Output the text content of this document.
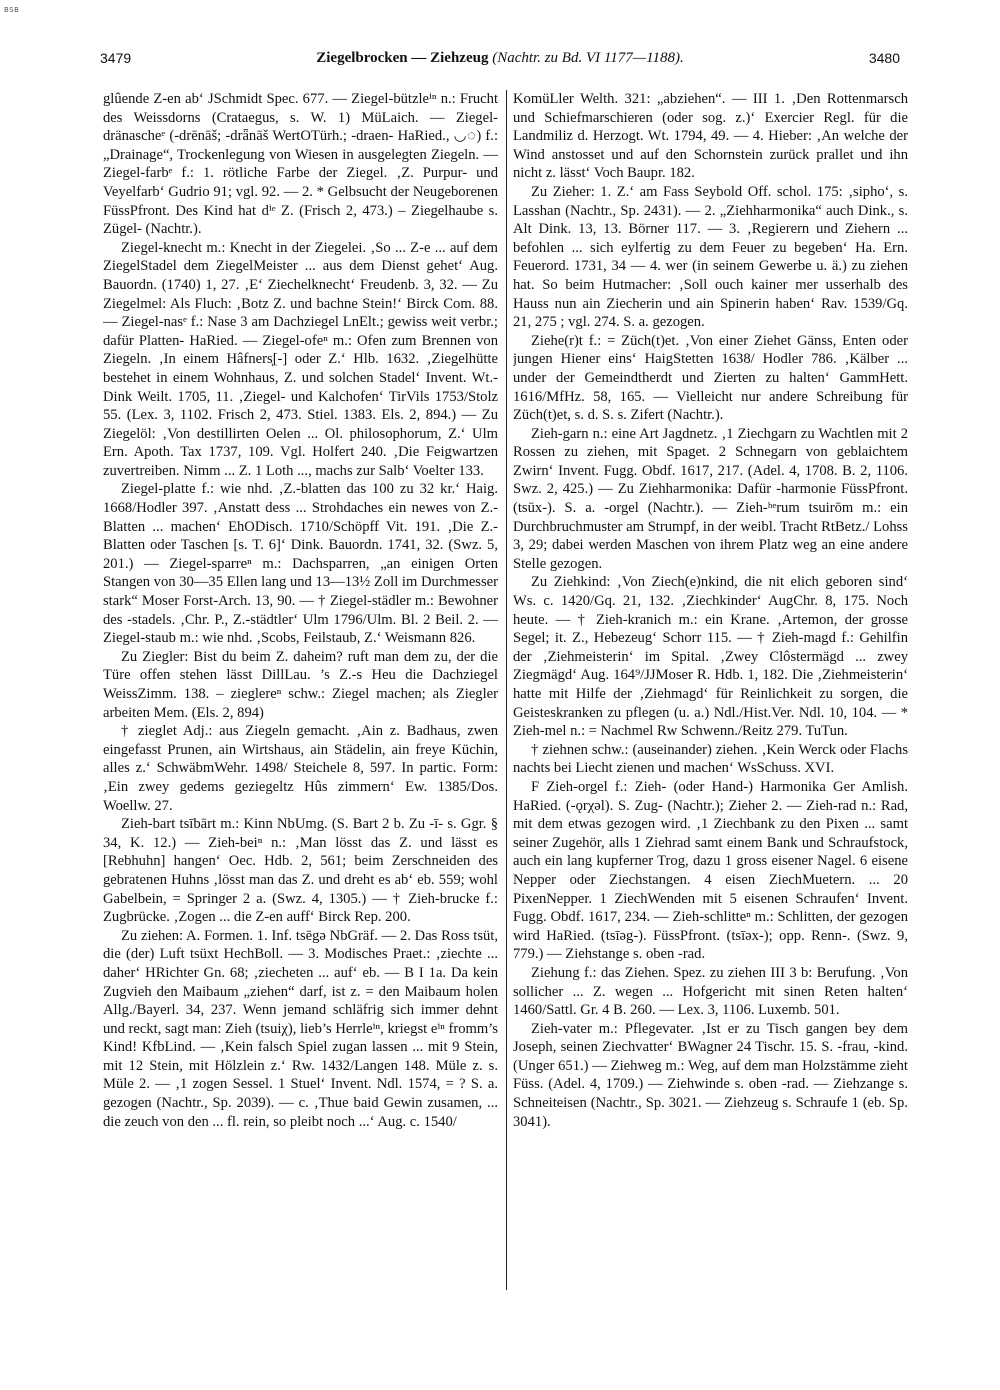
BSB
3479	Ziegelbrocken — Ziehzeug (Nachtr. zu Bd. VI 1177—1188).	3480

glûende Z-en ab‘ JSchmidt Spec. 677. — Ziegel-bützleⁱⁿ n.: Frucht des Weissdorns (Crataegus, s. W. 1) MüLaich. — Ziegel-dränascheᵉ (-drēnāš; -drǟnāš WertOTürh.; -draen- HaRied., ◡◌) f.: „Drainage“, Trockenlegung von Wiesen in ausgelegten Ziegeln. — Ziegel-farbᵉ f.: 1. rötliche Farbe der Ziegel. ‚Z. Purpur- und Veyelfarb‘ Gudrio 91; vgl. 92. — 2. * Gelbsucht der Neugeborenen FüssPfront. Des Kind hat dⁱᵉ Z. (Frisch 2, 473.) – Ziegelhaube s. Zügel- (Nachtr.).

Ziegel-knecht m.: Knecht in der Ziegelei. ‚So ... Z-e ... auf dem ZiegelStadel dem ZiegelMeister ... aus dem Dienst gehet‘ Aug. Bauordn. (1740) 1, 27. ‚E‘ Ziechelknecht‘ Freudenb. 3, 32. — Zu Ziegelmel: Als Fluch: ‚Botz Z. und bachne Stein!‘ Birck Com. 88. — Ziegel-nasᵉ f.: Nase 3 am Dachziegel LnElt.; gewiss weit verbr.; dafür Platten- HaRied. — Ziegel-ofeⁿ m.: Ofen zum Brennen von Ziegeln. ‚In einem Hâfnersͅ[-] oder Z.‘ Hlb. 1632. ‚Ziegelhütte bestehet in einem Wohnhaus, Z. und solchen Stadel‘ Invent. Wt.-Dink Weilt. 1705, 11. ‚Ziegel- und Kalchofen‘ TirVils 1753/Stolz 55. (Lex. 3, 1102. Frisch 2, 473. Stiel. 1383. Els. 2, 894.) — Zu Ziegelöl: ‚Von destillirten Oelen ... Ol. philosophorum, Z.‘ Ulm Ern. Apoth. Tax 1737, 109. Vgl. Holfert 240. ‚Die Feigwartzen zuvertreiben. Nimm ... Z. 1 Loth ..., machs zur Salb‘ Voelter 133.

Ziegel-platte f.: wie nhd. ‚Z.-blatten das 100 zu 32 kr.‘ Haig. 1668/Hodler 397. ‚Anstatt dess ... Strohdaches ein newes von Z.-Blatten ... machen‘ EhODisch. 1710/Schöpff Vit. 191. ‚Die Z.-Blatten oder Taschen [s. T. 6]‘ Dink. Bauordn. 1741, 32. (Swz. 5, 201.) — Ziegel-sparreⁿ m.: Dachsparren, „an einigen Orten Stangen von 30—35 Ellen lang und 13—13½ Zoll im Durchmesser stark“ Moser Forst-Arch. 13, 90. — † Ziegel-städler m.: Bewohner des -stadels. ‚Chr. P., Z.-städtler‘ Ulm 1796/Ulm. Bl. 2 Beil. 2. — Ziegel-staub m.: wie nhd. ‚Scobs, Feilstaub, Z.‘ Weismann 826.

Zu Ziegler: Bist du beim Z. daheim? ruft man dem zu, der die Türe offen stehen lässt DillLau. ’s Z.-s Heu die Dachziegel WeissZimm. 138. – zieglereⁿ schw.: Ziegel machen; als Ziegler arbeiten Mem. (Els. 2, 894)

† zieglet Adj.: aus Ziegeln gemacht. ‚Ain z. Badhaus, zwen eingefasst Prunen, ain Wirtshaus, ain Städelin, ain freye Küchin, alles z.‘ SchwäbmWehr. 1498/ Steichele 8, 597. In partic. Form: ‚Ein zwey gedems geziegeltz Hûs zimmern‘ Ew. 1385/Dos. Woellw. 27.

Zieh-bart tsībārt m.: Kinn NbUmg. (S. Bart 2 b. Zu -ī- s. Ggr. § 34, K. 12.) — Zieh-beiⁿ n.: ‚Man lösst das Z. und lässt es [Rebhuhn] hangen‘ Oec. Hdb. 2, 561; beim Zerschneiden des gebratenen Huhns ‚lösst man das Z. und dreht es ab‘ eb. 559; wohl Gabelbein, = Springer 2 a. (Swz. 4, 1305.) — † Zieh-brucke f.: Zugbrücke. ‚Zogen ... die Z-en auff‘ Birck Rep. 200.

Zu ziehen: A. Formen. 1. Inf. tsēgə NbGräf. — 2. Das Ross tsüt, die (der) Luft tsüxt HechBoll. — 3. Modisches Praet.: ‚ziechte ... daher‘ HRichter Gn. 68; ‚ziecheten ... auf‘ eb. — B I 1a. Da kein Zugvieh den Maibaum „ziehen“ darf, ist z. = den Maibaum holen Allg./Bayerl. 34, 237. Wenn jemand schläfrig sich immer dehnt und reckt, sagt man: Zieh (tsuiχ), lieb’s Herrleⁱⁿ, kriegst eⁱⁿ fromm’s Kind! KfbLind. — ‚Kein falsch Spiel zugan lassen ... mit 9 Stein, mit 12 Stein, mit Hölzlein z.‘ Rw. 1432/Langen 148. Müle z. s. Müle 2. — ‚1 zogen Sessel. 1 Stuel‘ Invent. Ndl. 1574, = ? S. a. gezogen (Nachtr., Sp. 2039). — c. ‚Thue baid Gewin zusamen, ... die zeuch von den ... fl. rein, so pleibt noch ...‘ Aug. c. 1540/

KomüLler Welth. 321: „abziehen“. — III 1. ‚Den Rottenmarsch und Schiefmarschieren (oder sog. z.)‘ Exercier Regl. für die Landmiliz d. Herzogt. Wt. 1794, 49. — 4. Hieber: ‚An welche der Wind anstosset und auf den Schornstein zurück prallet und ihn nicht z. lässt‘ Voch Baupr. 182.

Zu Zieher: 1. Z.‘ am Fass Seybold Off. schol. 175: ‚sipho‘, s. Lasshan (Nachtr., Sp. 2431). — 2. „Ziehharmonika“ auch Dink., s. Alt Dink. 13, 13. Börner 117. — 3. ‚Regierern und Ziehern ... befohlen ... sich eylfertig zu dem Feuer zu begeben‘ Ha. Ern. Feuerord. 1731, 34 — 4. wer (in seinem Gewerbe u. ä.) zu ziehen hat. So beim Hutmacher: ‚Soll ouch kainer mer usserhalb des Hauss nun ain Ziecherin und ain Spinerin haben‘ Rav. 1539/Gq. 21, 275 ; vgl. 274. S. a. gezogen.

Ziehe(r)t f.: = Züch(t)et. ‚Von einer Ziehet Gänss, Enten oder jungen Hiener eins‘ HaigStetten 1638/ Hodler 786. ‚Kälber ... under der Gemeindtherdt und Zierten zu halten‘ GammHett. 1616/MfHz. 58, 165. — Vielleicht nur andere Schreibung für Züch(t)et, s. d. S. s. Zifert (Nachtr.).

Zieh-garn n.: eine Art Jagdnetz. ‚1 Ziechgarn zu Wachtlen mit 2 Rossen zu ziehen, mit Spaget. 2 Schnegarn von geblaichtem Zwirn‘ Invent. Fugg. Obdf. 1617, 217. (Adel. 4, 1708. B. 2, 1106. Swz. 2, 425.) — Zu Ziehharmonika: Dafür -harmonie FüssPfront. (tsūx-). S. a. -orgel (Nachtr.). — Zieh-ʰᵉrum tsuirōm m.: ein Durchbruchmuster am Strumpf, in der weibl. Tracht RtBetz./ Lohss 3, 29; dabei werden Maschen von ihrem Platz weg an eine andere Stelle gezogen.

Zu Ziehkind: ‚Von Ziech(e)nkind, die nit elich geboren sind‘ Ws. c. 1420/Gq. 21, 132. ‚Ziechkinder‘ AugChr. 8, 175. Noch heute. — † Zieh-kranich m.: ein Krane. ‚Artemon, der grosse Segel; it. Z., Hebezeug‘ Schorr 115. — † Zieh-magd f.: Gehilfin der ‚Ziehmeisterin‘ im Spital. ‚Zwey Clôstermägd ... zwey Ziegmägd‘ Aug. 164⁹/JJMoser R. Hdb. 1, 182. Die ‚Ziehmeisterin‘ hatte mit Hilfe der ‚Ziehmagd‘ für Reinlichkeit zu sorgen, die Geisteskranken zu pflegen (u. a.) Ndl./Hist.Ver. Ndl. 10, 104. — * Zieh-mel n.: = Nachmel Rw Schwenn./Reitz 279. TuTun.

† ziehnen schw.: (auseinander) ziehen. ‚Kein Werck oder Flachs nachts bei Liecht zienen und machen‘ WsSchuss. XVI.

F Zieh-orgel f.: Zieh- (oder Hand-) Harmonika Ger Amlish. HaRied. (-ǫrχəl). S. Zug- (Nachtr.); Zieher 2. — Zieh-rad n.: Rad, mit dem etwas gezogen wird. ‚1 Ziechbank zu den Pixen ... samt seiner Zugehör, alls 1 Ziehrad samt einem Bank und Schraufstock, auch ein lang kupferner Trog, dazu 1 gross eisener Nagel. 6 eisene Nepper oder Ziechstangen. 4 eisen ZiechMuetern. ... 20 PixenNepper. 1 ZiechWenden mit 5 eisenen Schraufen‘ Invent. Fugg. Obdf. 1617, 234. — Zieh-schlitteⁿ m.: Schlitten, der gezogen wird HaRied. (tsīəg-). FüssPfront. (tsīəx-); opp. Renn-. (Swz. 9, 779.) — Ziehstange s. oben -rad.

Ziehung f.: das Ziehen. Spez. zu ziehen III 3 b: Berufung. ‚Von sollicher ... Z. wegen ... Hofgericht mit sinen Reten halten‘ 1460/Sattl. Gr. 4 B. 260. — Lex. 3, 1106. Luxemb. 501.

Zieh-vater m.: Pflegevater. ‚Ist er zu Tisch gangen bey dem Joseph, seinen Ziechvatter‘ BWagner 24 Tischr. 15. S. -frau, -kind. (Unger 651.) — Ziehweg m.: Weg, auf dem man Holzstämme zieht Füss. (Adel. 4, 1709.) — Ziehwinde s. oben -rad. — Ziehzange s. Schneiteisen (Nachtr., Sp. 3021. — Ziehzeug s. Schraufe 1 (eb. Sp. 3041).
